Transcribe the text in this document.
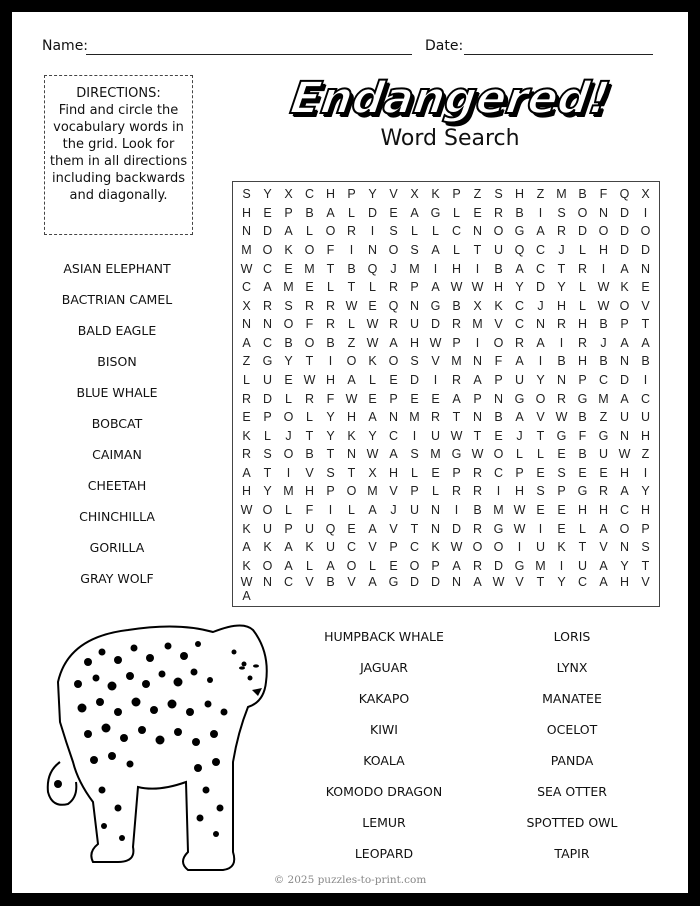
Name:	Date:
DIRECTIONS:
Find and circle the vocabulary words in the grid. Look for them in all directions including backwards and diagonally.
Endangered!
Word Search
S	Y	X C H P	Y	V	X	K	P	Z	S H	Z M B	F Q X
H E	P	B	A	L	D E	A G	L	E R B	I	S O N D	I
N D A	L	O R	I	S	L	L	C N O G A R D O D O
M O K O F	I	N O S	A	L	T	U Q C	J	L	H D D
W C E M T	B Q	J	M	I	H	I	B	A C	T	R	I	A N
C A M E	L	T	L	R P	A W W H Y D Y	L W K	E
X R S R R W E Q N G B	X	K C	J	H	L W O V
N N O F	R	L W R U D R M V C N R H B	P	T
A C B O B	Z W A H W P	I	O R A	I	R	J	A	A
Z G Y	T	I	O K O S	V M N	F	A	I	B H B N B
L	U E W H A	L	E D	I	R A	P U Y N P C D	I
R D	L	R	F W E	P	E	E	A	P N G O R G M A C
E	P O	L	Y H A N M R	T	N B	A	V W B	Z	U U
K	L	J	T	Y	K	Y C	I	U W T	E	J	T G F G N H
R S O B	T	N W A	S M G W O	L	L	E	B U W Z
A	T	I	V	S	T	X H	L	E	P R C P	E	S	E	E H	I
H Y M H P O M V	P	L	R R	I	H S	P G R A	Y
W O	L	F	I	L	A	J	U N	I	B M W E	E H H C H
K U P U Q E	A	V	T	N D R G W	I	E	L	A O P
A	K	A	K U C V	P C K W O O	I	U K	T	V N S
K O A	L	A O	L	E O P	A R D G M	I	U A	Y	T
W N C V	B	V	A G D D N A W V	T	Y C A H V
A
ASIAN ELEPHANT
BACTRIAN CAMEL
BALD EAGLE
BISON
BLUE WHALE
BOBCAT
CAIMAN
CHEETAH
CHINCHILLA
GORILLA
GRAY WOLF
HUMPBACK WHALE
JAGUAR
KAKAPO
KIWI
KOALA
KOMODO DRAGON
LEMUR
LEOPARD
LORIS
LYNX
MANATEE
OCELOT
PANDA
SEA OTTER
SPOTTED OWL
TAPIR
© 2025 puzzles-to-print.com
